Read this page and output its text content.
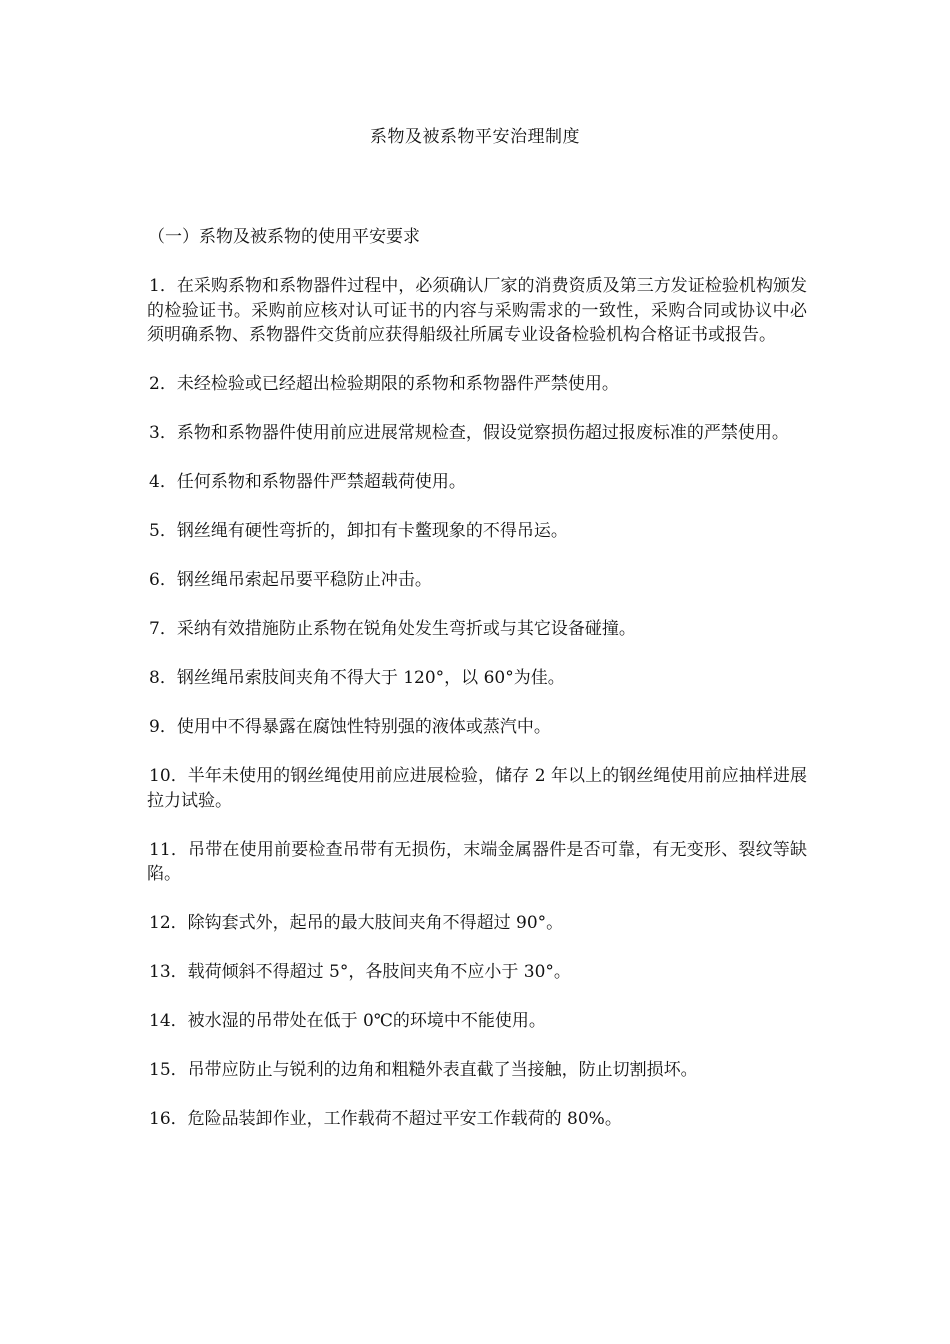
系物及被系物平安治理制度
（一）系物及被系物的使用平安要求

1．在采购系物和系物器件过程中，必须确认厂家的消费资质及第三方发证检验机构颁发的检验证书。采购前应核对认可证书的内容与采购需求的一致性，采购合同或协议中必须明确系物、系物器件交货前应获得船级社所属专业设备检验机构合格证书或报告。

2．未经检验或已经超出检验期限的系物和系物器件严禁使用。

3．系物和系物器件使用前应进展常规检查，假设觉察损伤超过报废标准的严禁使用。

4．任何系物和系物器件严禁超载荷使用。

5．钢丝绳有硬性弯折的，卸扣有卡鳖现象的不得吊运。

6．钢丝绳吊索起吊要平稳防止冲击。

7．采纳有效措施防止系物在锐角处发生弯折或与其它设备碰撞。

8．钢丝绳吊索肢间夹角不得大于 120°，以 60°为佳。

9．使用中不得暴露在腐蚀性特别强的液体或蒸汽中。

10．半年未使用的钢丝绳使用前应进展检验，储存 2 年以上的钢丝绳使用前应抽样进展拉力试验。

11．吊带在使用前要检查吊带有无损伤，末端金属器件是否可靠，有无变形、裂纹等缺陷。

12．除钩套式外，起吊的最大肢间夹角不得超过 90°。

13．载荷倾斜不得超过 5°，各肢间夹角不应小于 30°。

14．被水湿的吊带处在低于 0℃的环境中不能使用。

15．吊带应防止与锐利的边角和粗糙外表直截了当接触，防止切割损坏。

16．危险品装卸作业，工作载荷不超过平安工作载荷的 80%。
